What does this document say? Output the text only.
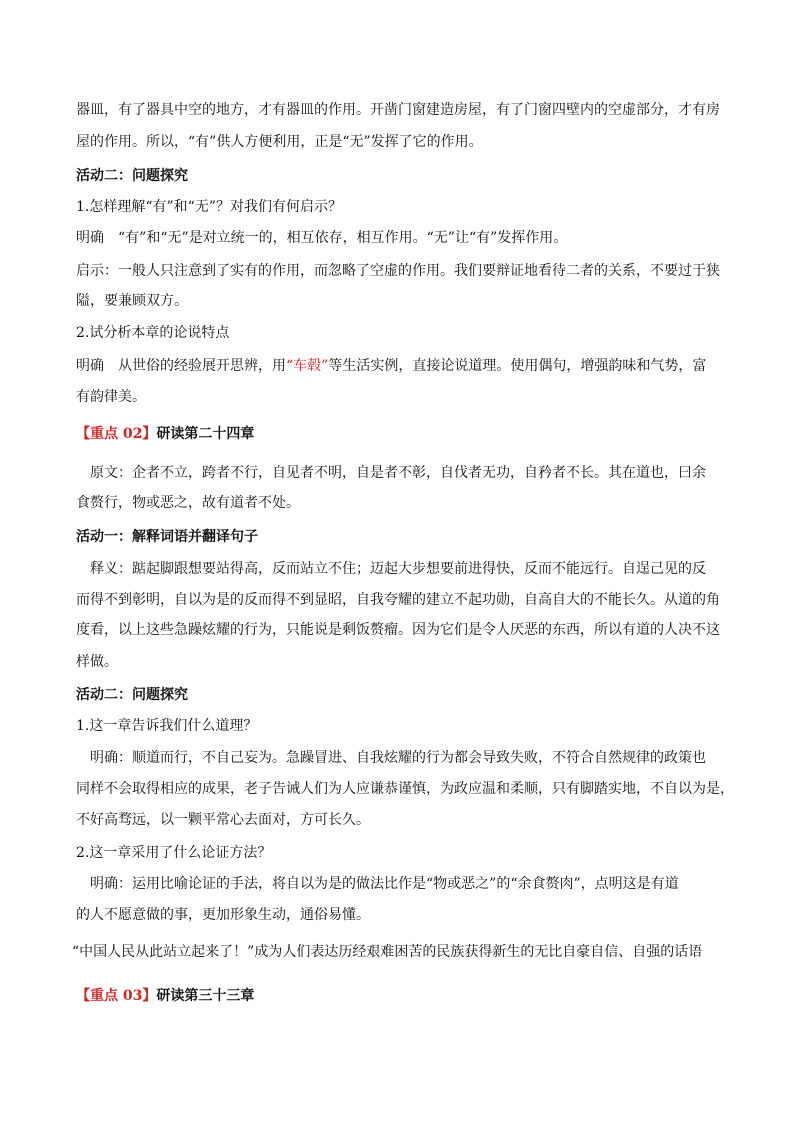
器皿，有了器具中空的地方，才有器皿的作用。开凿门窗建造房屋，有了门窗四壁内的空虚部分，才有房
屋的作用。所以，“有”供人方便利用，正是“无”发挥了它的作用。
活动二：问题探究
1.怎样理解“有”和“无”？对我们有何启示？
明确　“有”和“无”是对立统一的，相互依存，相互作用。“无”让“有”发挥作用。
启示：一般人只注意到了实有的作用，而忽略了空虚的作用。我们要辩证地看待二者的关系，不要过于狭
隘，要兼顾双方。
2.试分析本章的论说特点
明确　从世俗的经验展开思辨，用“车毂”等生活实例，直接论说道理。使用偶句，增强韵味和气势，富
有韵律美。
【重点 02】研读第二十四章
原文：企者不立，跨者不行，自见者不明，自是者不彰，自伐者无功，自矜者不长。其在道也，曰余
食赘行，物或恶之，故有道者不处。
活动一：解释词语并翻译句子
释义：踮起脚跟想要站得高，反而站立不住；迈起大步想要前进得快，反而不能远行。自逞己见的反
而得不到彰明，自以为是的反而得不到显昭，自我夸耀的建立不起功勋，自高自大的不能长久。从道的角
度看，以上这些急躁炫耀的行为，只能说是剩饭赘瘤。因为它们是令人厌恶的东西，所以有道的人决不这
样做。
活动二：问题探究
1.这一章告诉我们什么道理？
明确：顺道而行，不自己妄为。急躁冒进、自我炫耀的行为都会导致失败，不符合自然规律的政策也
同样不会取得相应的成果，老子告诫人们为人应谦恭谨慎，为政应温和柔顺，只有脚踏实地，不自以为是，
不好高骛远，以一颗平常心去面对，方可长久。
2.这一章采用了什么论证方法？
明确：运用比喻论证的手法，将自以为是的做法比作是“物或恶之”的“余食赘肉”，点明这是有道
的人不愿意做的事，更加形象生动，通俗易懂。
“中国人民从此站立起来了！”成为人们表达历经艰难困苦的民族获得新生的无比自豪自信、自强的话语
【重点 03】研读第三十三章
